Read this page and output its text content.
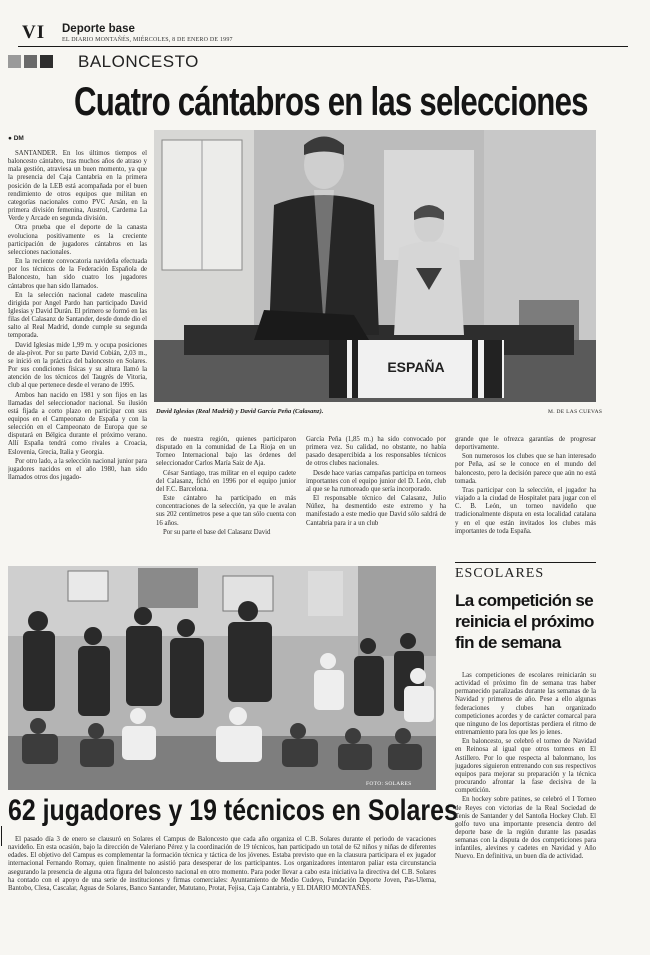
VI Deporte base
EL DIARIO MONTAÑÉS, MIÉRCOLES, 8 DE ENERO DE 1997
BALONCESTO
Cuatro cántabros en las selecciones
● DM
ESPAÑA
David Iglesias (Real Madrid) y David García Peña (Calasanz).	M. DE LAS CUEVAS

SANTANDER. En los últimos tiempos el baloncesto cántabro, tras muchos años de atraso y mala gestión, atraviesa un buen momento, ya que la presencia del Caja Cantabria en la primera posición de la LEB está acompañada por el buen rendimiento de otros equipos que militan en categorías nacionales como PVC Arsán, en la primera división femenina, Austrol, Cardema La Verde y Arcade en segunda división.

Otra prueba que el deporte de la canasta evoluciona positivamente es la creciente participación de jugadores cántabros en las selecciones nacionales.

En la reciente convocatoria navideña efectuada por los técnicos de la Federación Española de Baloncesto, han sido cuatro los jugadores cántabros que han sido llamados.

En la selección nacional cadete masculina dirigida por Angel Pardo han participado David Iglesias y David Durán. El primero se formó en las filas del Calasanz de Santander, desde donde dio el salto al Real Madrid, donde cumple su segunda temporada.

David Iglesias mide 1,99 m. y ocupa posiciones de ala-pívot. Por su parte David Cobián, 2,03 m., se inició en la práctica del baloncesto en Solares. Por sus condiciones físicas y su altura llamó la atención de los técnicos del Taugrés de Vitoria, club al que pertenece desde el verano de 1995.

Ambos han nacido en 1981 y son fijos en las llamadas del seleccionador nacional. Su ilusión está fijada a corto plazo en participar con sus equipos en el Campeonato de España y con la selección en el Campeonato de Europa que se disputará en Bélgica durante el próximo verano. Allí España tendrá como rivales a Croacia, Eslovenia, Grecia, Italia y Georgia.

Por otro lado, a la selección nacional junior para jugadores nacidos en el año 1980, han sido llamados otros dos jugado-

res de nuestra región, quienes participaron disputado en la comunidad de La Rioja en un Torneo Internacional bajo las órdenes del seleccionador Carlos María Saiz de Aja.

César Santiago, tras militar en el equipo cadete del Calasanz, fichó en 1996 por el equipo junior del F.C. Barcelona.

Este cántabro ha participado en más concentraciones de la selección, ya que le avalan sus 202 centímetros pese a que tan sólo cuenta con 16 años.

Por su parte el base del Calasanz David

García Peña (1,85 m.) ha sido convocado por primera vez. Su calidad, no obstante, no había pasado desapercibida a los responsables técnicos de otros clubes nacionales.

Desde hace varias campañas participa en torneos importantes con el equipo junior del D. León, club al que se ha rumoreado que sería incorporado.

El responsable técnico del Calasanz, Julio Núñez, ha desmentido este extremo y ha manifestado a este medio que David sólo saldrá de Cantabria para ir a un club

grande que le ofrezca garantías de progresar deportivamente.

Son numerosos los clubes que se han interesado por Peña, así se le conoce en el mundo del baloncesto, pero la decisión parece que aún no está tomada.

Tras participar con la selección, el jugador ha viajado a la ciudad de Hospitalet para jugar con el C. B. León, un torneo navideño que tradicionalmente disputa en esta localidad catalana y en el que están invitados los clubes más importantes de toda España.

FOTO: SOLARES
62 jugadores y 19 técnicos en Solares

El pasado día 3 de enero se clausuró en Solares el Campus de Baloncesto que cada año organiza el C.B. Solares durante el periodo de vacaciones navideño. En esta ocasión, bajo la dirección de Valeriano Pérez y la coordinación de 19 técnicos, han participado un total de 62 niños y niñas de diferentes edades. El objetivo del Campus es complementar la formación técnica y táctica de los jóvenes. Estaba previsto que en la clausura participara el ex jugador internacional Fernando Romay, quien finalmente no asistió para desesperar de los participantes. Los organizadores intentaron paliar esta circunstancia asegurando la presencia de alguna otra figura del baloncesto nacional en otro momento. Para poder llevar a cabo esta iniciativa la directiva del C.B. Solares ha contado con el apoyo de una serie de instituciones y firmas comerciales: Ayuntamiento de Medio Cudeyo, Fundación Deporte Joven, Pas-Ulema, Bantobo, Clesa, Cascalar, Aguas de Solares, Banco Santander, Matutano, Protat, Fejisa, Caja Cantabria, y EL DIARIO MONTAÑÉS.

ESCOLARES
La competición se reinicia el próximo fin de semana

Las competiciones de escolares reiniciarán su actividad el próximo fin de semana tras haber permanecido paralizadas durante las semanas de la Navidad y primeros de año. Pese a ello algunas federaciones y clubes han organizado competiciones acordes y de carácter comarcal para que ninguno de los deportistas perdiera el ritmo de entrenamiento para los que les jo íenes.

En baloncesto, se celebró el torneo de Navidad en Reinosa al igual que otros torneos en El Astillero. Por lo que respecta al balonmano, los jugadores siguieron entrenando con sus respectivos equipos para mejorar su preparación y la técnica procurando afrontar la fase decisiva de la competición.

En hockey sobre patines, se celebró el I Torneo de Reyes con victorias de la Real Sociedad de Tenis de Santander y del Santoña Hockey Club. El golfo tuvo una importante presencia dentro del deporte base de la región durante las pasadas semanas con la disputa de dos competiciones para infantiles, alevines y cadetes en Navidad y Año Nuevo. En definitiva, un buen día de actividad.
